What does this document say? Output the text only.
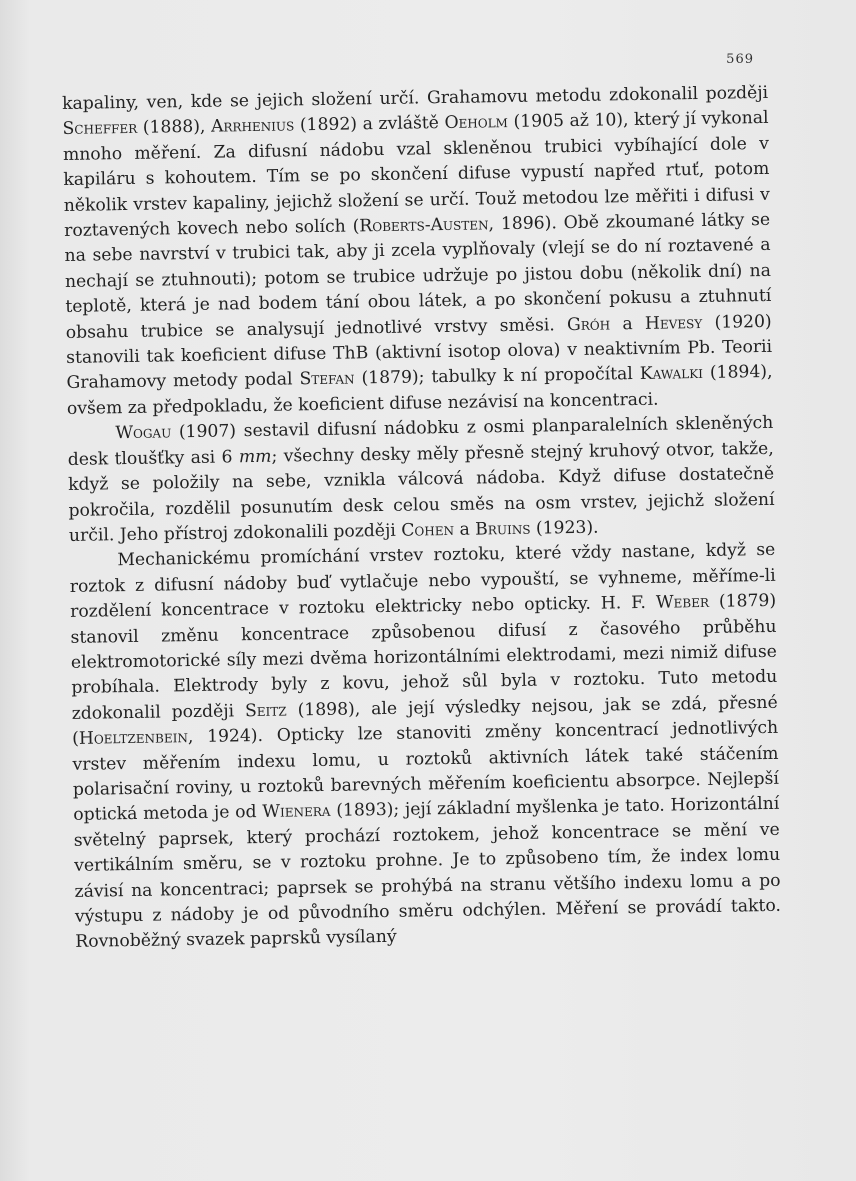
569

kapaliny, ven, kde se jejich složení určí. Grahamovu metodu zdokonalil později Scheffer (1888), Arrhenius (1892) a zvláště Oeholm (1905 až 10), který jí vykonal mnoho měření. Za difusní nádobu vzal skleněnou trubici vybíhající dole v kapiláru s kohoutem. Tím se po skončení difuse vypustí napřed rtuť, potom několik vrstev kapaliny, jejichž složení se určí. Touž metodou lze měřiti i difusi v roztavených kovech nebo solích (Roberts-Austen, 1896). Obě zkoumané látky se na sebe navrství v trubici tak, aby ji zcela vyplňovaly (vlejí se do ní roztavené a nechají se ztuhnouti); potom se trubice udržuje po jistou dobu (několik dní) na teplotě, která je nad bodem tání obou látek, a po skončení pokusu a ztuhnutí obsahu trubice se analysují jednotlivé vrstvy směsi. Gróh a Hevesy (1920) stanovili tak koeficient difuse ThB (aktivní isotop olova) v neaktivním Pb. Teorii Grahamovy metody podal Stefan (1879); tabulky k ní propočítal Kawalki (1894), ovšem za předpokladu, že koeficient difuse nezávisí na koncentraci.

Wogau (1907) sestavil difusní nádobku z osmi planparalelních skleněných desk tloušťky asi 6 mm; všechny desky měly přesně stejný kruhový otvor, takže, když se položily na sebe, vznikla válcová nádoba. Když difuse dostatečně pokročila, rozdělil posunutím desk celou směs na osm vrstev, jejichž složení určil. Jeho přístroj zdokonalili později Cohen a Bruins (1923).

Mechanickému promíchání vrstev roztoku, které vždy nastane, když se roztok z difusní nádoby buď vytlačuje nebo vypouští, se vyhneme, měříme-li rozdělení koncentrace v roztoku elektricky nebo opticky. H. F. Weber (1879) stanovil změnu koncentrace způsobenou difusí z časového průběhu elektromotorické síly mezi dvěma horizontálními elektrodami, mezi nimiž difuse probíhala. Elektrody byly z kovu, jehož sůl byla v roztoku. Tuto metodu zdokonalil později Seitz (1898), ale její výsledky nejsou, jak se zdá, přesné (Hoeltzenbein, 1924). Opticky lze stanoviti změny koncentrací jednotlivých vrstev měřením indexu lomu, u roztoků aktivních látek také stáčením polarisační roviny, u roztoků barevných měřením koeficientu absorpce. Nejlepší optická metoda je od Wienera (1893); její základní myšlenka je tato. Horizontální světelný paprsek, který prochází roztokem, jehož koncentrace se mění ve vertikálním směru, se v roztoku prohne. Je to způsobeno tím, že index lomu závisí na koncentraci; paprsek se prohýbá na stranu většího indexu lomu a po výstupu z nádoby je od původního směru odchýlen. Měření se provádí takto. Rovnoběžný svazek paprsků vysílaný
